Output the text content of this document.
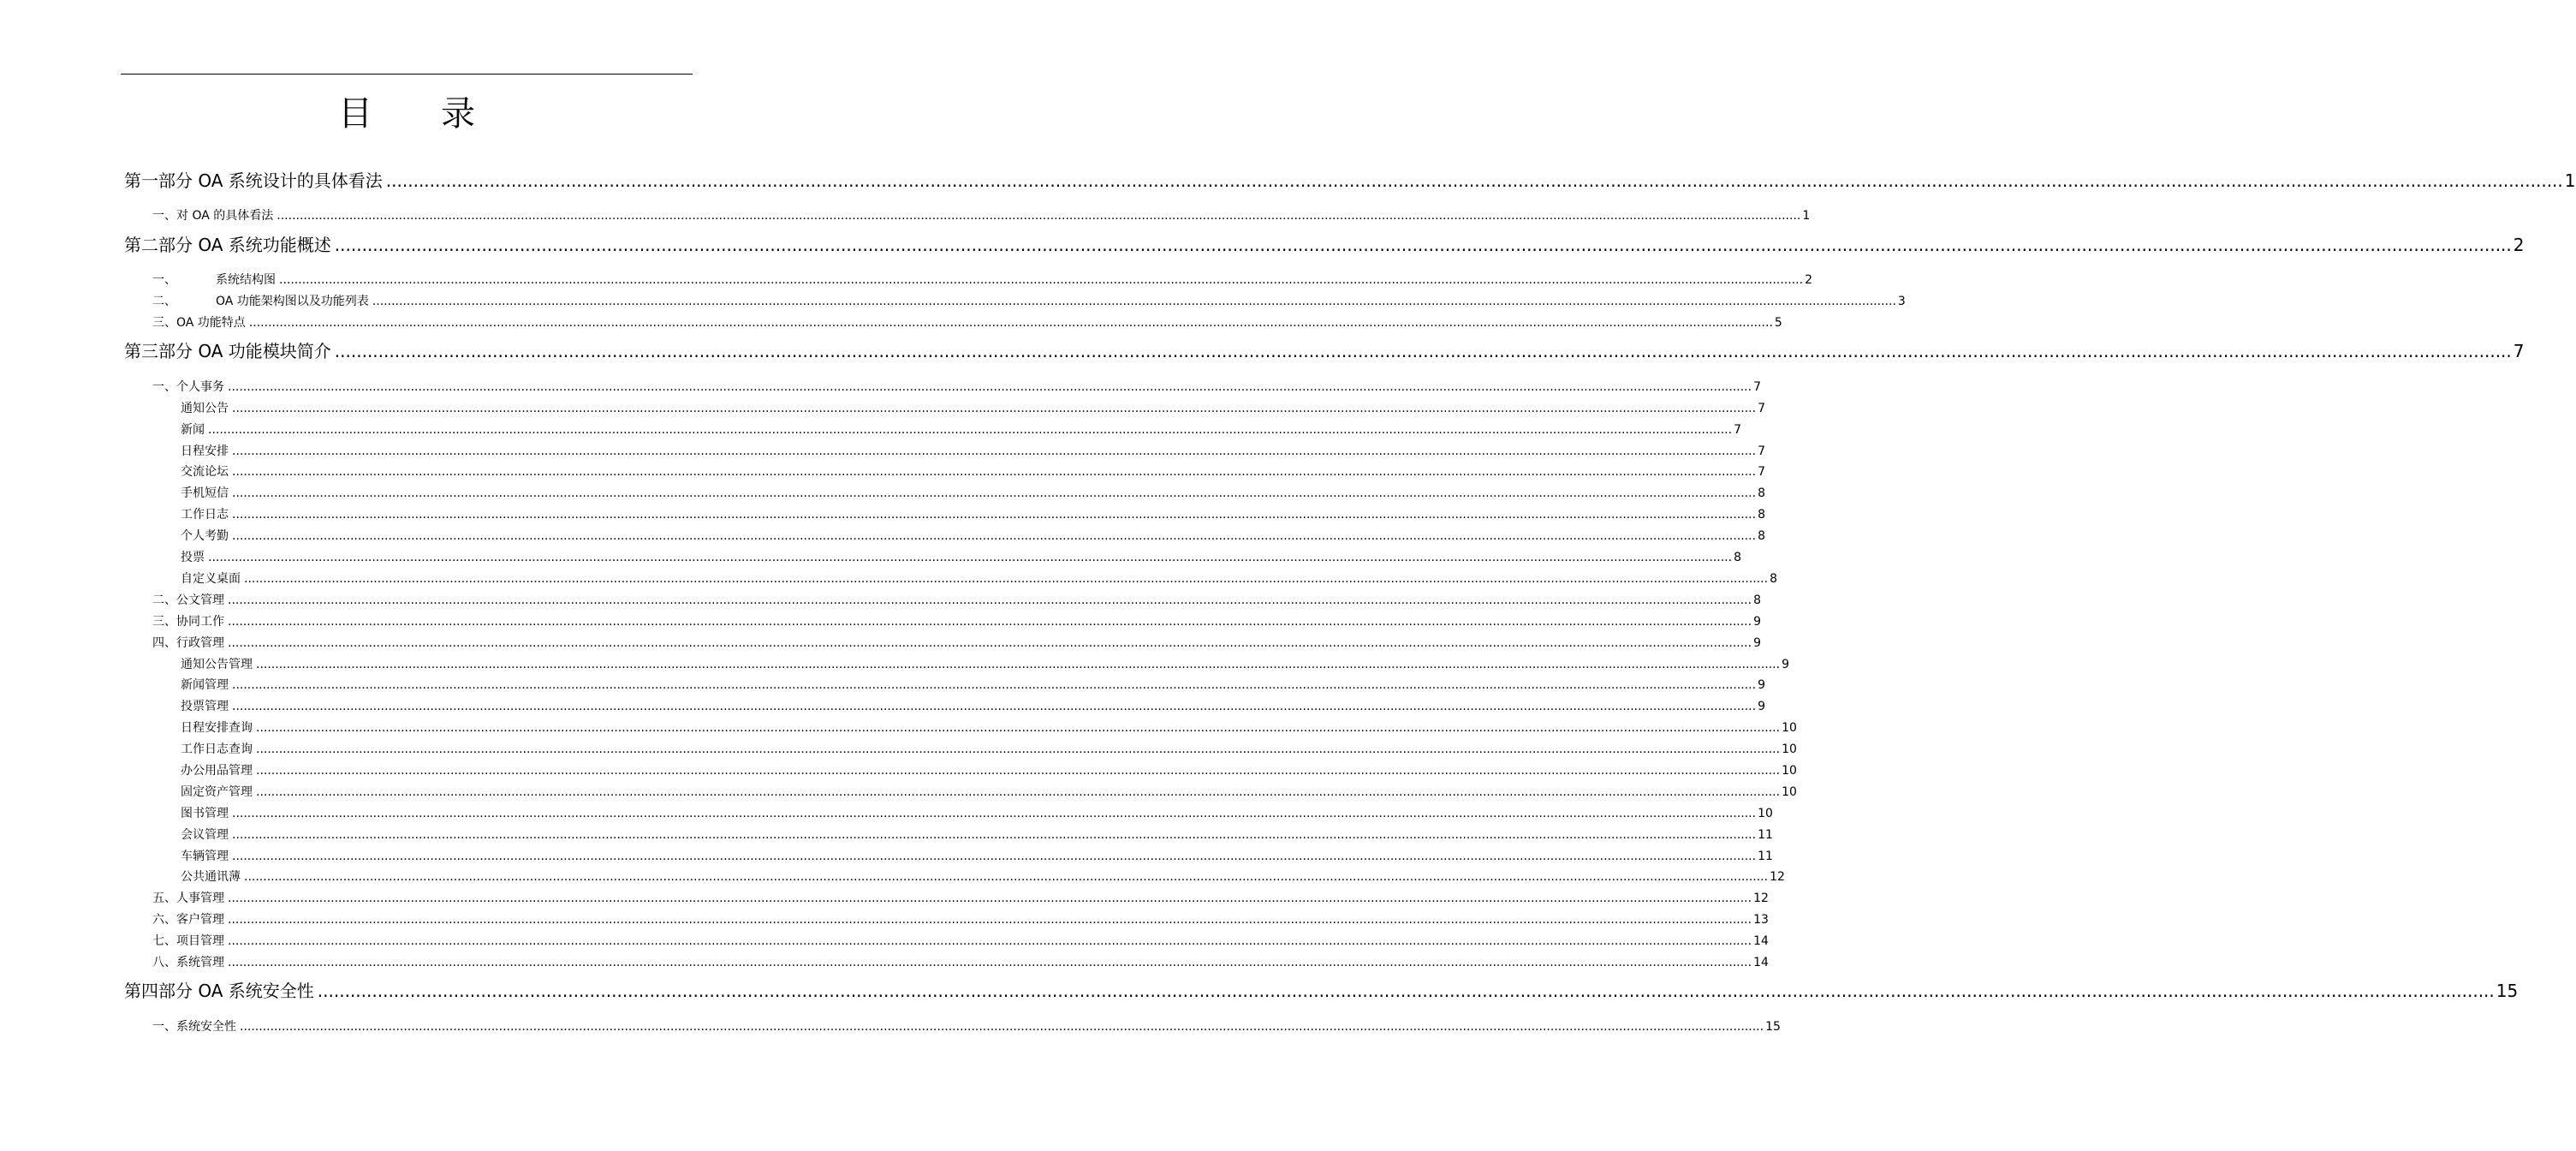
目　　录
第一部分 OA 系统设计的具体看法 ................................................................................................................................................................................................................................................................................................................................................................................................................ 1
一、对 OA 的具体看法 ................................................................................................................................................................................................................................................................................................................................................................................................................ 1
第二部分 OA 系统功能概述 ................................................................................................................................................................................................................................................................................................................................................................................................................ 2
一、	系统结构图 ................................................................................................................................................................................................................................................................................................................................................................................................................ 2
二、	OA 功能架构图以及功能列表 ................................................................................................................................................................................................................................................................................................................................................................................................................ 3
三、OA 功能特点 ................................................................................................................................................................................................................................................................................................................................................................................................................ 5
第三部分 OA 功能模块简介 ................................................................................................................................................................................................................................................................................................................................................................................................................ 7
一、个人事务 ................................................................................................................................................................................................................................................................................................................................................................................................................ 7
通知公告 ................................................................................................................................................................................................................................................................................................................................................................................................................ 7
新闻 ................................................................................................................................................................................................................................................................................................................................................................................................................ 7
日程安排 ................................................................................................................................................................................................................................................................................................................................................................................................................ 7
交流论坛 ................................................................................................................................................................................................................................................................................................................................................................................................................ 7
手机短信 ................................................................................................................................................................................................................................................................................................................................................................................................................ 8
工作日志 ................................................................................................................................................................................................................................................................................................................................................................................................................ 8
个人考勤 ................................................................................................................................................................................................................................................................................................................................................................................................................ 8
投票 ................................................................................................................................................................................................................................................................................................................................................................................................................ 8
自定义桌面 ................................................................................................................................................................................................................................................................................................................................................................................................................ 8
二、公文管理 ................................................................................................................................................................................................................................................................................................................................................................................................................ 8
三、协同工作 ................................................................................................................................................................................................................................................................................................................................................................................................................ 9
四、行政管理 ................................................................................................................................................................................................................................................................................................................................................................................................................ 9
通知公告管理 ................................................................................................................................................................................................................................................................................................................................................................................................................ 9
新闻管理 ................................................................................................................................................................................................................................................................................................................................................................................................................ 9
投票管理 ................................................................................................................................................................................................................................................................................................................................................................................................................ 9
日程安排查询 ................................................................................................................................................................................................................................................................................................................................................................................................................ 10
工作日志查询 ................................................................................................................................................................................................................................................................................................................................................................................................................ 10
办公用品管理 ................................................................................................................................................................................................................................................................................................................................................................................................................ 10
固定资产管理 ................................................................................................................................................................................................................................................................................................................................................................................................................ 10
图书管理 ................................................................................................................................................................................................................................................................................................................................................................................................................ 10
会议管理 ................................................................................................................................................................................................................................................................................................................................................................................................................ 11
车辆管理 ................................................................................................................................................................................................................................................................................................................................................................................................................ 11
公共通讯薄 ................................................................................................................................................................................................................................................................................................................................................................................................................ 12
五、人事管理 ................................................................................................................................................................................................................................................................................................................................................................................................................ 12
六、客户管理 ................................................................................................................................................................................................................................................................................................................................................................................................................ 13
七、项目管理 ................................................................................................................................................................................................................................................................................................................................................................................................................ 14
八、系统管理 ................................................................................................................................................................................................................................................................................................................................................................................................................ 14
第四部分 OA 系统安全性 ................................................................................................................................................................................................................................................................................................................................................................................................................ 15
一、系统安全性 ................................................................................................................................................................................................................................................................................................................................................................................................................ 15
